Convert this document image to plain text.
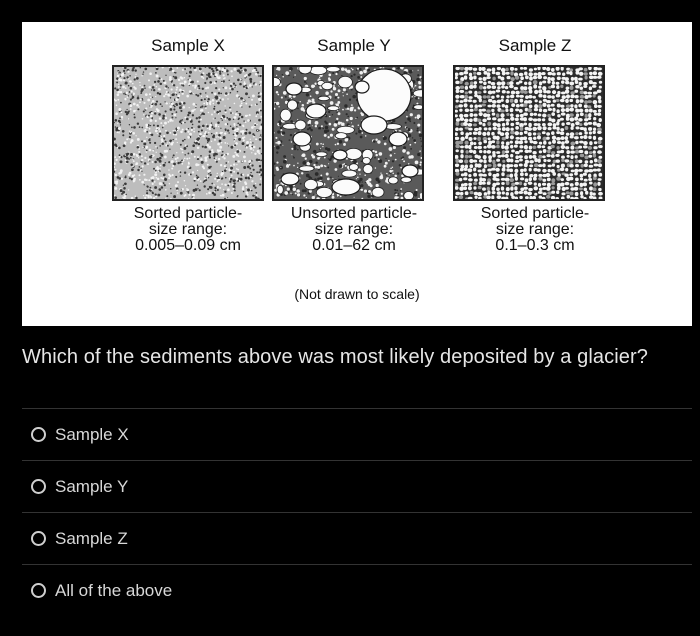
Sample X
Sorted particle-
size range:
0.005–0.09 cm
Sample Y
Unsorted particle-
size range:
0.01–62 cm
Sample Z
Sorted particle-
size range:
0.1–0.3 cm
(Not drawn to scale)
Which of the sediments above was most likely deposited by a glacier?
Sample X
Sample Y
Sample Z
All of the above
